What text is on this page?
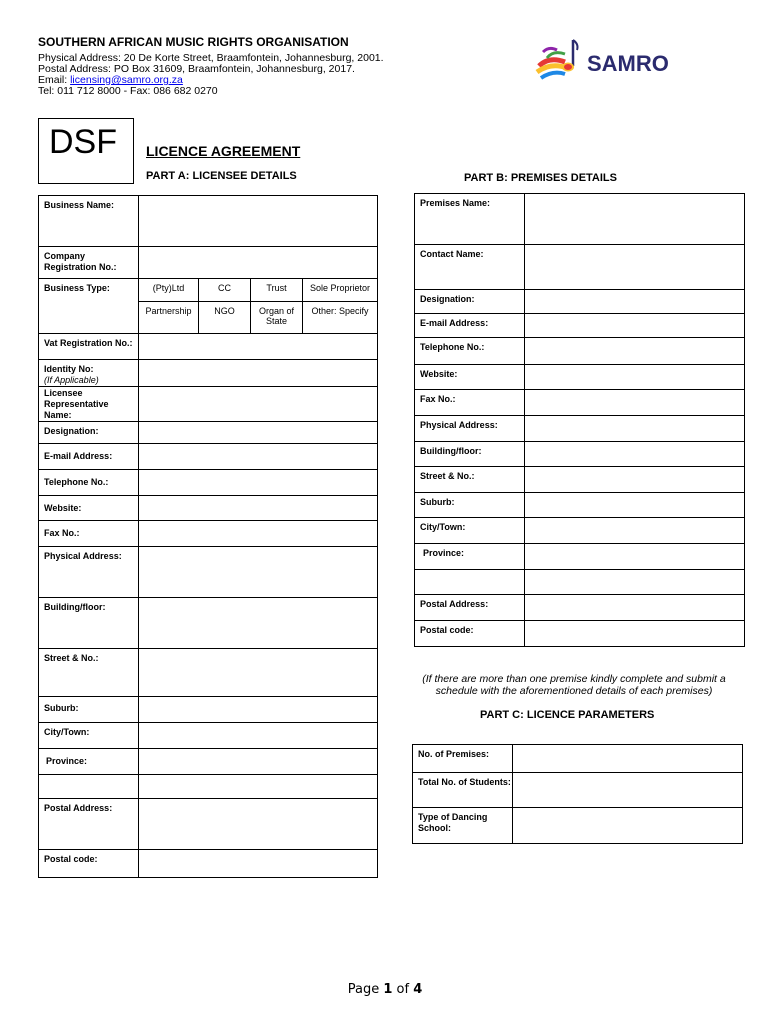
SOUTHERN AFRICAN MUSIC RIGHTS ORGANISATION
Physical Address: 20 De Korte Street, Braamfontein, Johannesburg, 2001.
Postal Address: PO Box 31609, Braamfontein, Johannesburg, 2017.
Email: licensing@samro.org.za
Tel: 011 712 8000 - Fax: 086 682 0270
SAMRO
DSF	LICENCE AGREEMENT
PART A: LICENSEE DETAILS	PART B: PREMISES DETAILS
Business Name:				
Company Registration No.:				
Business Type:	(Pty)Ltd	CC	Trust	Sole Proprietor
	Partnership	NGO	Organ of State	Other: Specify
Vat Registration No.:				
Identity No:
(If Applicable)				
Licensee Representative Name:				
Designation:				
E-mail Address:				
Telephone No.:				
Website:				
Fax No.:				
Physical Address:				
Building/floor:				
Street & No.:				
Suburb:				
City/Town:				
Province:				

Postal Address:				
Postal code:				
Premises Name:	
Contact Name:	
Designation:	
E-mail Address:	
Telephone No.:	
Website:	
Fax No.:	
Physical Address:	
Building/floor:	
Street & No.:	
Suburb:	
City/Town:	
Province:	

Postal Address:	
Postal code:	
(If there are more than one premise kindly complete and submit a schedule with the aforementioned details of each premises)
PART C: LICENCE PARAMETERS
No. of Premises:	
Total No. of Students:	
Type of Dancing School:	
Page 1 of 4
